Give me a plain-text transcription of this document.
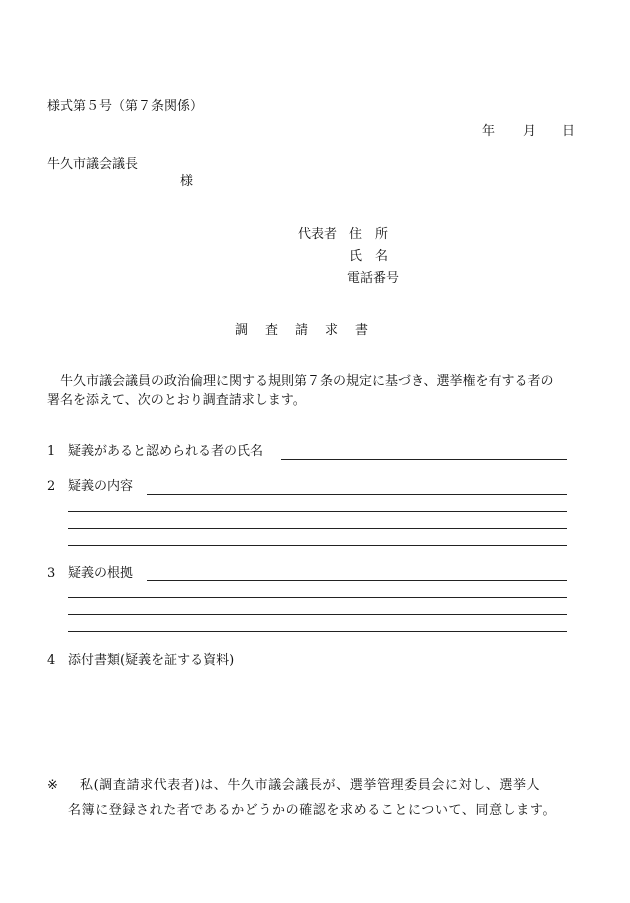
様式第５号（第７条関係）
年 月 日
牛久市議会議長
様
代表者 住　所
氏　名
電話番号
調　査　請　求　書
　牛久市議会議員の政治倫理に関する規則第７条の規定に基づき、選挙権を有する者の
署名を添えて、次のとおり調査請求します。
1 疑義があると認められる者の氏名
2 疑義の内容
3 疑義の根拠
4 添付書類(疑義を証する資料)
※ 私(調査請求代表者)は、牛久市議会議長が、選挙管理委員会に対し、選挙人
名簿に登録された者であるかどうかの確認を求めることについて、同意します。
